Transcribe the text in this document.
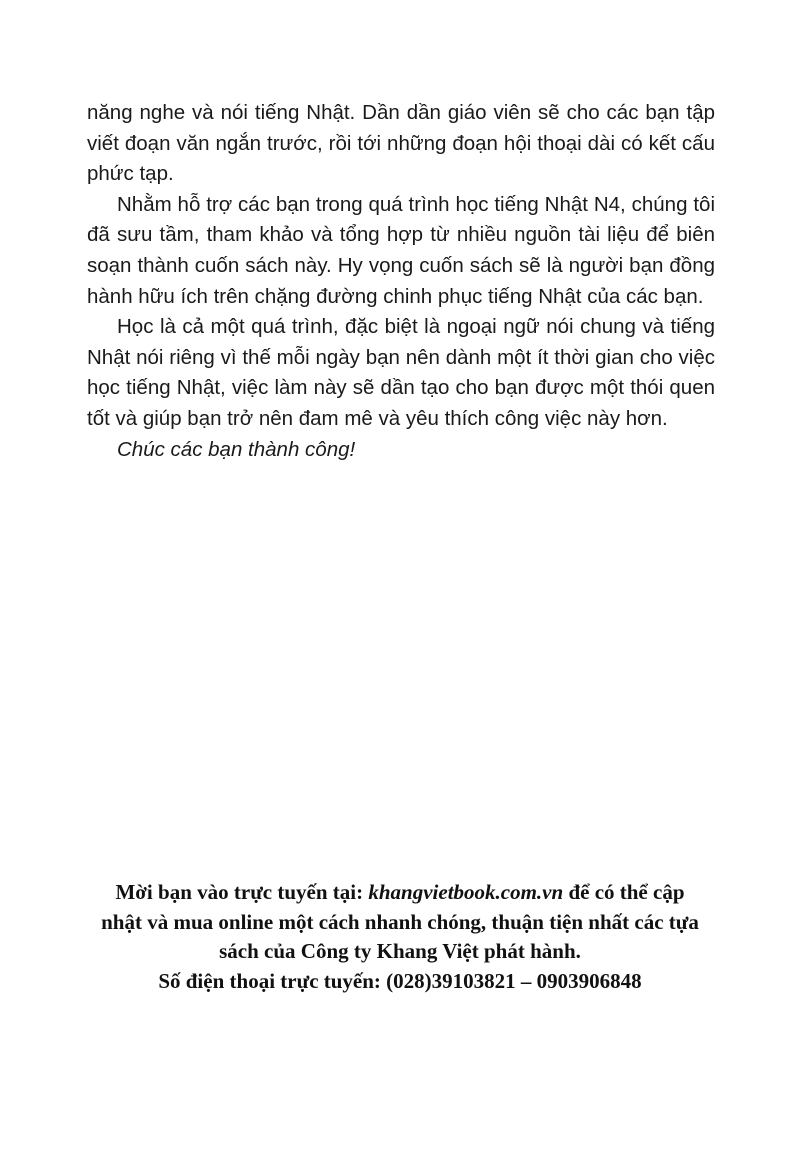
năng nghe và nói tiếng Nhật. Dần dần giáo viên sẽ cho các bạn tập viết đoạn văn ngắn trước, rồi tới những đoạn hội thoại dài có kết cấu phức tạp.

Nhằm hỗ trợ các bạn trong quá trình học tiếng Nhật N4, chúng tôi đã sưu tầm, tham khảo và tổng hợp từ nhiều nguồn tài liệu để biên soạn thành cuốn sách này. Hy vọng cuốn sách sẽ là người bạn đồng hành hữu ích trên chặng đường chinh phục tiếng Nhật của các bạn.

Học là cả một quá trình, đặc biệt là ngoại ngữ nói chung và tiếng Nhật nói riêng vì thế mỗi ngày bạn nên dành một ít thời gian cho việc học tiếng Nhật, việc làm này sẽ dần tạo cho bạn được một thói quen tốt và giúp bạn trở nên đam mê và yêu thích công việc này hơn.

Chúc các bạn thành công!

Mời bạn vào trực tuyến tại: khangvietbook.com.vn để có thể cập
nhật và mua online một cách nhanh chóng, thuận tiện nhất các tựa
sách của Công ty Khang Việt phát hành.
Số điện thoại trực tuyến: (028)39103821 – 0903906848
